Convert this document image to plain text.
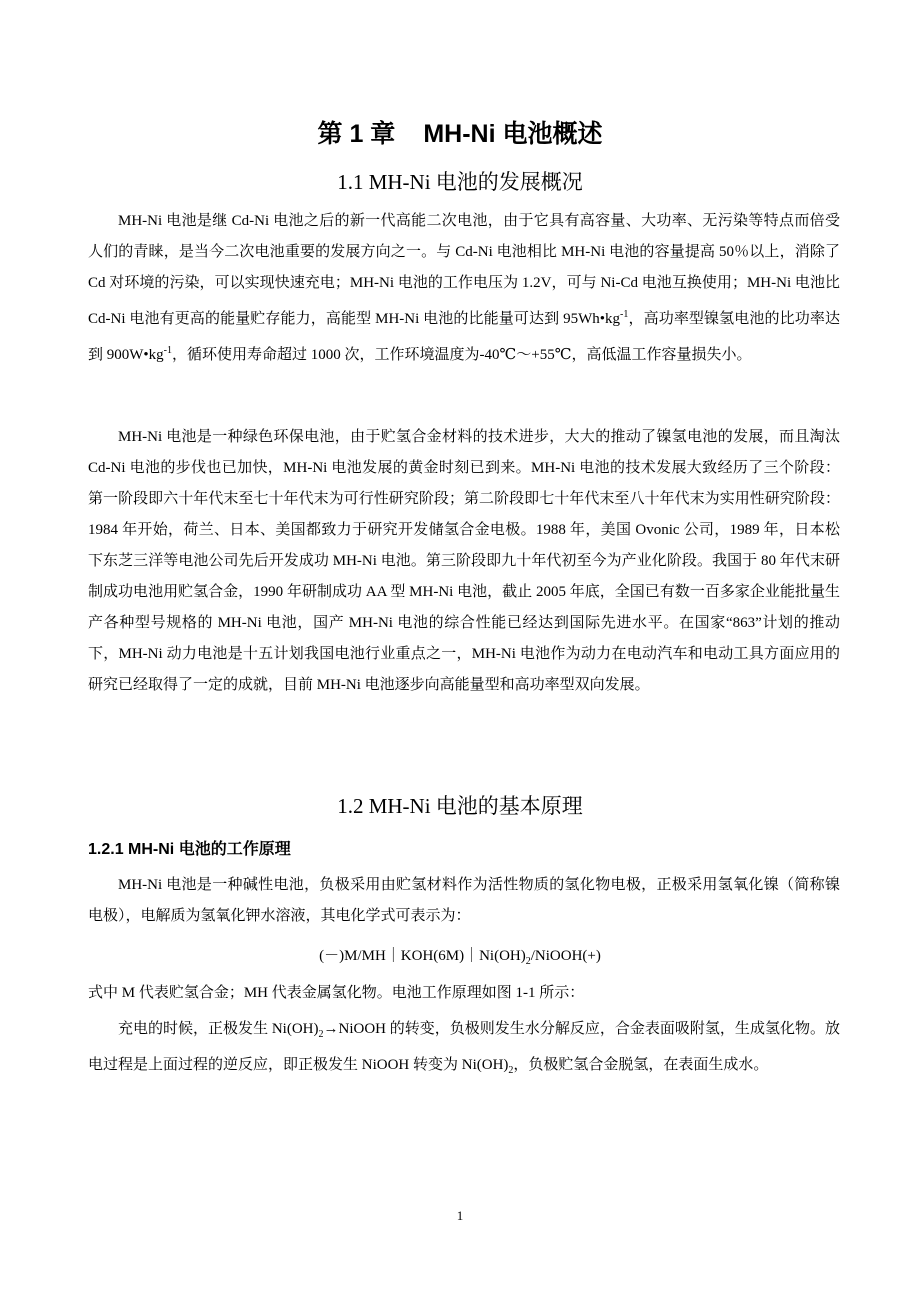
第 1 章 MH-Ni 电池概述
1.1 MH-Ni 电池的发展概况

MH-Ni 电池是继 Cd-Ni 电池之后的新一代高能二次电池，由于它具有高容量、大功率、无污染等特点而倍受人们的青睐，是当今二次电池重要的发展方向之一。与 Cd-Ni 电池相比 MH-Ni 电池的容量提高 50％以上，消除了 Cd 对环境的污染，可以实现快速充电；MH-Ni 电池的工作电压为 1.2V，可与 Ni-Cd 电池互换使用；MH-Ni 电池比 Cd-Ni 电池有更高的能量贮存能力，高能型 MH-Ni 电池的比能量可达到 $95Wh•kg^{-1}$，高功率型镍氢电池的比功率达到 $900W•kg^{-1}$，循环使用寿命超过 1000 次，工作环境温度为-40℃～+55℃，高低温工作容量损失小。

MH-Ni 电池是一种绿色环保电池，由于贮氢合金材料的技术进步，大大的推动了镍氢电池的发展，而且淘汰 Cd-Ni 电池的步伐也已加快，MH-Ni 电池发展的黄金时刻已到来。MH-Ni 电池的技术发展大致经历了三个阶段：第一阶段即六十年代末至七十年代末为可行性研究阶段；第二阶段即七十年代末至八十年代末为实用性研究阶段：1984 年开始，荷兰、日本、美国都致力于研究开发储氢合金电极。1988 年，美国 Ovonic 公司，1989 年，日本松下东芝三洋等电池公司先后开发成功 MH-Ni 电池。第三阶段即九十年代初至今为产业化阶段。我国于 80 年代末研制成功电池用贮氢合金，1990 年研制成功 AA 型 MH-Ni 电池，截止 2005 年底，全国已有数一百多家企业能批量生产各种型号规格的 MH-Ni 电池，国产 MH-Ni 电池的综合性能已经达到国际先进水平。在国家“863”计划的推动下，MH-Ni 动力电池是十五计划我国电池行业重点之一，MH-Ni 电池作为动力在电动汽车和电动工具方面应用的研究已经取得了一定的成就，目前 MH-Ni 电池逐步向高能量型和高功率型双向发展。

1.2 MH-Ni 电池的基本原理
1.2.1 MH-Ni 电池的工作原理

MH-Ni 电池是一种碱性电池，负极采用由贮氢材料作为活性物质的氢化物电极，正极采用氢氧化镍（简称镍电极），电解质为氢氧化钾水溶液，其电化学式可表示为：

$(-)M/MH|KOH(6M)|Ni(OH)_2/NiOOH(+)$

式中 M 代表贮氢合金；MH 代表金属氢化物。电池工作原理如图 1-1 所示：

充电的时候，正极发生 $Ni(OH)_2\to NiOOH$ 的转变，负极则发生水分解反应，合金表面吸附氢，生成氢化物。放电过程是上面过程的逆反应，即正极发生 NiOOH 转变为 $Ni(OH)_2$，负极贮氢合金脱氢，在表面生成水。

1
